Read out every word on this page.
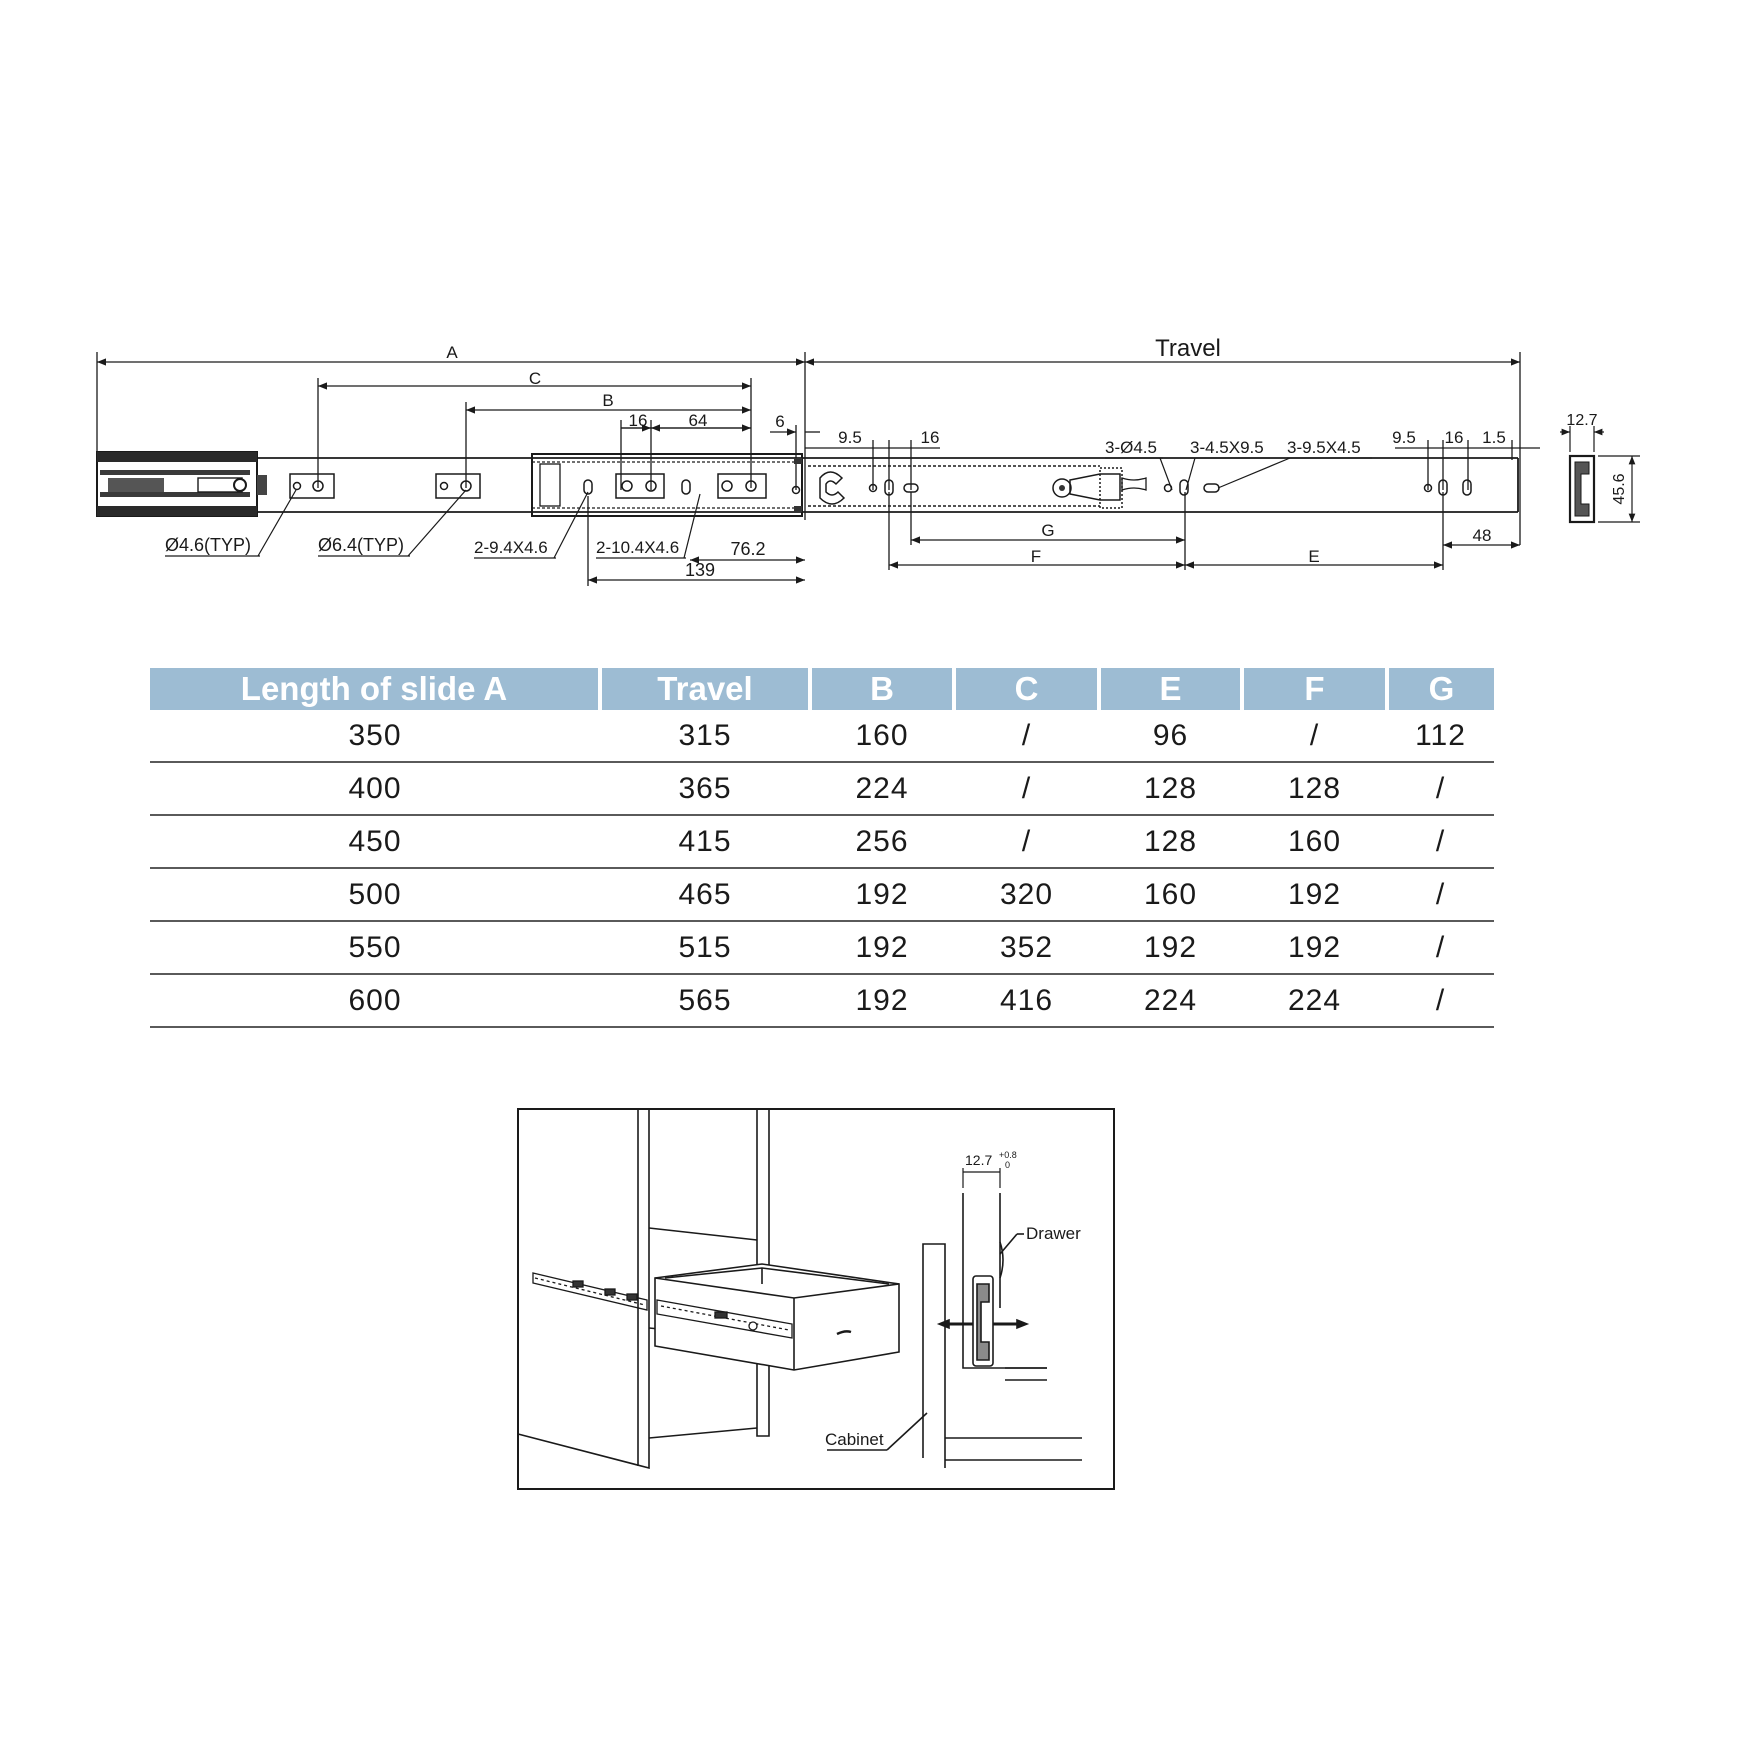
A	Travel
C
B
16 64	6
9.5	16
3-Ø4.5 3-4.5X9.5 3-9.5X4.5
9.5 16 1.5
Ø4.6(TYP)	Ø6.4(TYP)	2-9.4X4.6	2-10.4X4.6	76.2
139
G
F	E
48
12.7
45.6
Length of slide A	Travel	B	C	E	F	G
350	315	160	/	96	/	112
400	365	224	/	128	128	/
450	415	256	/	128	160	/
500	465	192	320	160	192	/
550	515	192	352	192	192	/
600	565	192	416	224	224	/
12.7 +0.8
0
Drawer
Cabinet
